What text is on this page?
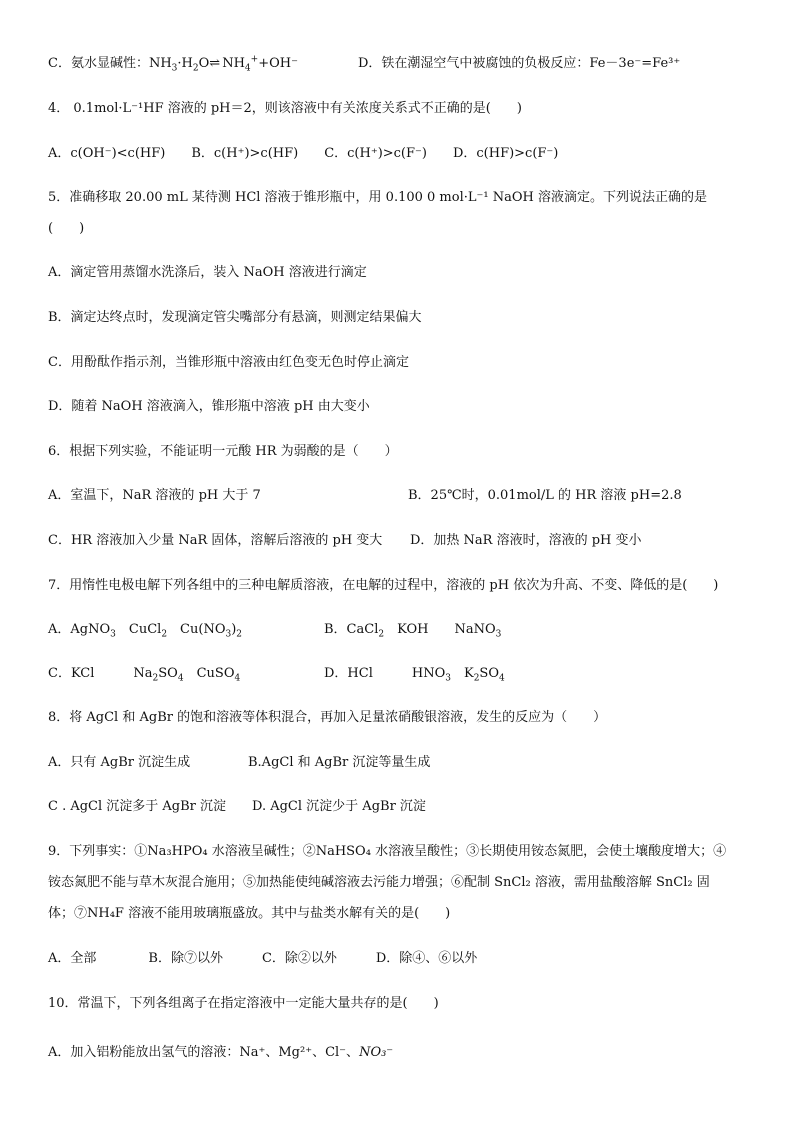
C．氨水显碱性：$NH_3\cdot H_2O\rightleftharpoons NH_4^++OH^-$	D．铁在潮湿空气中被腐蚀的负极反应：Fe－3e⁻=Fe³⁺
4． 0.1mol·L⁻¹HF 溶液的 pH＝2，则该溶液中有关浓度关系式不正确的是(　　)
A．c(OH⁻)<c(HF)　　B．c(H⁺)>c(HF)　　C．c(H⁺)>c(F⁻)　　D．c(HF)>c(F⁻)
5．准确移取 20.00 mL 某待测 HCl 溶液于锥形瓶中，用 0.100 0 mol·L⁻¹ NaOH 溶液滴定。下列说法正确的是
(　　)
A．滴定管用蒸馏水洗涤后，装入 NaOH 溶液进行滴定
B．滴定达终点时，发现滴定管尖嘴部分有悬滴，则测定结果偏大
C．用酚酞作指示剂，当锥形瓶中溶液由红色变无色时停止滴定
D．随着 NaOH 溶液滴入，锥形瓶中溶液 pH 由大变小
6．根据下列实验，不能证明一元酸 HR 为弱酸的是（　　）
A．室温下，NaR 溶液的 pH 大于 7	B．25℃时，0.01mol/L 的 HR 溶液 pH=2.8
C．HR 溶液加入少量 NaR 固体，溶解后溶液的 pH 变大 D．加热 NaR 溶液时，溶液的 pH 变小
7．用惰性电极电解下列各组中的三种电解质溶液，在电解的过程中，溶液的 pH 依次为升高、不变、降低的是(　　)
A．AgNO$_3$　CuCl$_2$　$Cu(NO_3)_2$	B．CaCl$_2$　KOH　　NaNO$_3$
C．KCl　　　$Na_2SO_4$　CuSO$_4$	D．HCl　　　$HNO_3$　$K_2SO_4$
8．将 AgCl 和 AgBr 的饱和溶液等体积混合，再加入足量浓硝酸银溶液，发生的反应为（　　）
A．只有 AgBr 沉淀生成	B.AgCl 和 AgBr 沉淀等量生成
C . AgCl 沉淀多于 AgBr 沉淀 D. AgCl 沉淀少于 AgBr 沉淀
9．下列事实：①Na₃HPO₄ 水溶液呈碱性；②NaHSO₄ 水溶液呈酸性；③长期使用铵态氮肥，会使土壤酸度增大；④
铵态氮肥不能与草木灰混合施用；⑤加热能使纯碱溶液去污能力增强；⑥配制 SnCl₂ 溶液，需用盐酸溶解 SnCl₂ 固
体；⑦NH₄F 溶液不能用玻璃瓶盛放。其中与盐类水解有关的是(　　)
A．全部　　　　B．除⑦以外　　　C．除②以外　　　D．除④、⑥以外
10．常温下，下列各组离子在指定溶液中一定能大量共存的是(　　)
A．加入铝粉能放出氢气的溶液：Na⁺、Mg²⁺、Cl⁻、NO₃⁻
